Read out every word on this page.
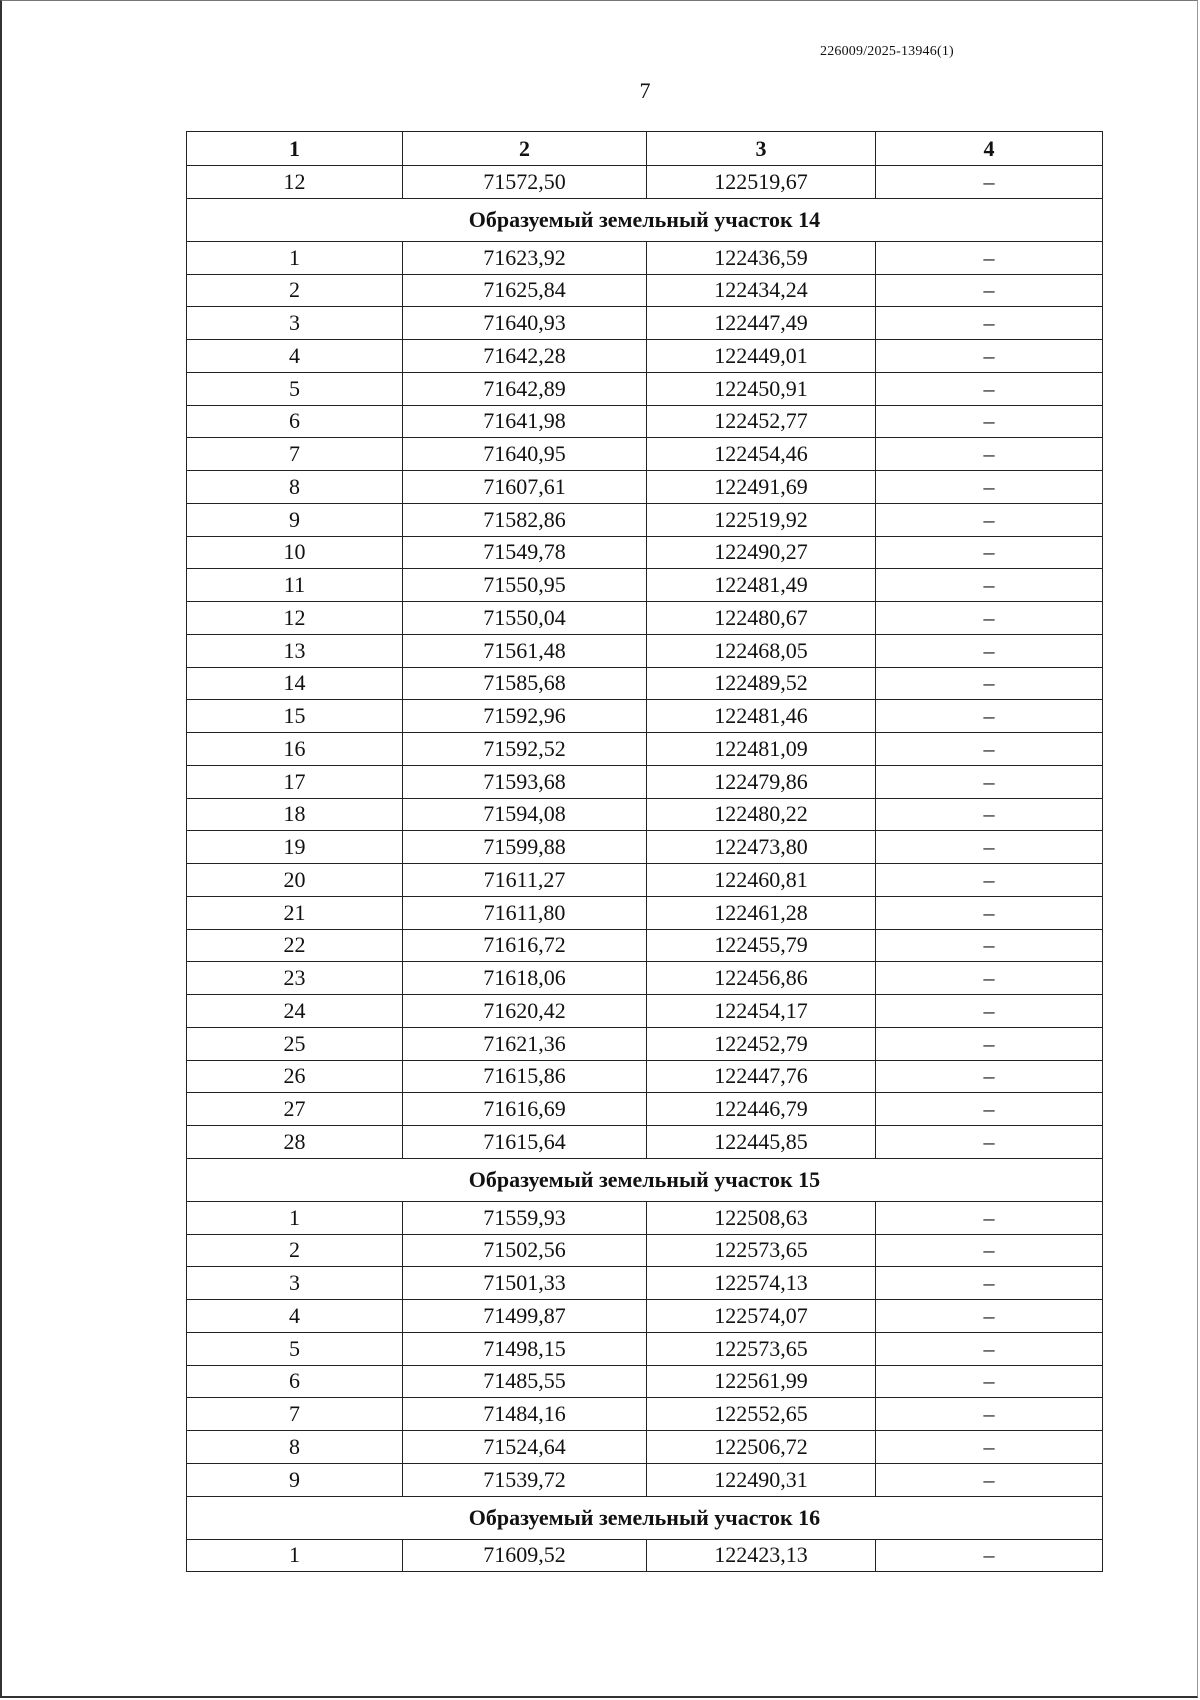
226009/2025-13946(1)
7
1	2	3	4
12	71572,50	122519,67	–
Образуемый земельный участок 14			
1	71623,92	122436,59	–
2	71625,84	122434,24	–
3	71640,93	122447,49	–
4	71642,28	122449,01	–
5	71642,89	122450,91	–
6	71641,98	122452,77	–
7	71640,95	122454,46	–
8	71607,61	122491,69	–
9	71582,86	122519,92	–
10	71549,78	122490,27	–
11	71550,95	122481,49	–
12	71550,04	122480,67	–
13	71561,48	122468,05	–
14	71585,68	122489,52	–
15	71592,96	122481,46	–
16	71592,52	122481,09	–
17	71593,68	122479,86	–
18	71594,08	122480,22	–
19	71599,88	122473,80	–
20	71611,27	122460,81	–
21	71611,80	122461,28	–
22	71616,72	122455,79	–
23	71618,06	122456,86	–
24	71620,42	122454,17	–
25	71621,36	122452,79	–
26	71615,86	122447,76	–
27	71616,69	122446,79	–
28	71615,64	122445,85	–
Образуемый земельный участок 15			
1	71559,93	122508,63	–
2	71502,56	122573,65	–
3	71501,33	122574,13	–
4	71499,87	122574,07	–
5	71498,15	122573,65	–
6	71485,55	122561,99	–
7	71484,16	122552,65	–
8	71524,64	122506,72	–
9	71539,72	122490,31	–
Образуемый земельный участок 16			
1	71609,52	122423,13	–
